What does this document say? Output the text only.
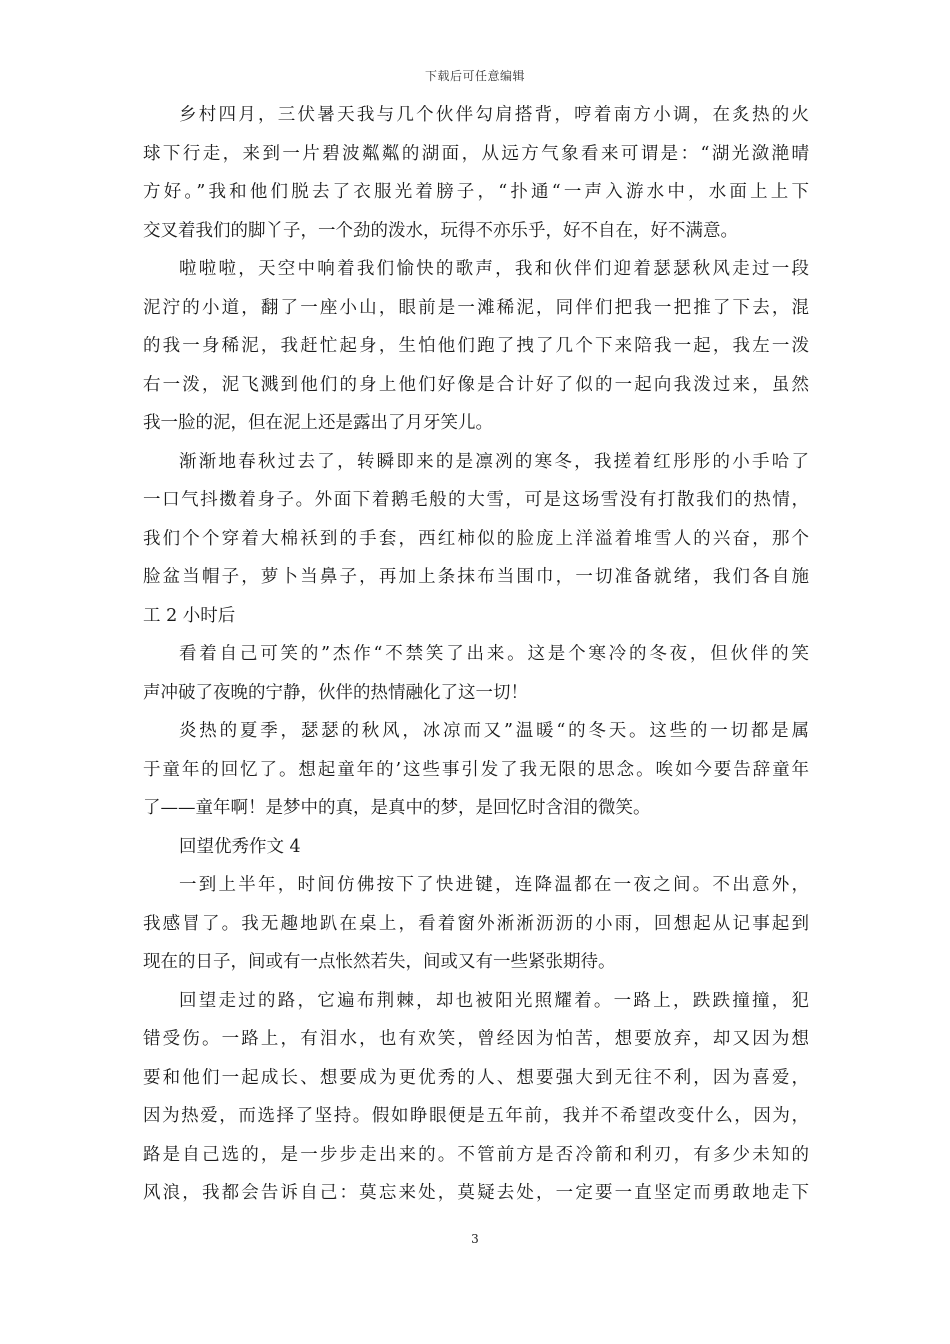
下载后可任意编辑
乡村四月，三伏暑天我与几个伙伴勾肩搭背，哼着南方小调，在炙热的火
球下行走，来到一片碧波粼粼的湖面，从远方气象看来可谓是：“湖光潋滟晴
方好。”我和他们脱去了衣服光着膀子，“扑通“一声入游水中，水面上上下
交叉着我们的脚丫子，一个劲的泼水，玩得不亦乐乎，好不自在，好不满意。
啦啦啦，天空中响着我们愉快的歌声，我和伙伴们迎着瑟瑟秋风走过一段
泥泞的小道，翻了一座小山，眼前是一滩稀泥，同伴们把我一把推了下去，混
的我一身稀泥，我赶忙起身，生怕他们跑了拽了几个下来陪我一起，我左一泼
右一泼，泥飞溅到他们的身上他们好像是合计好了似的一起向我泼过来，虽然
我一脸的泥，但在泥上还是露出了月牙笑儿。
渐渐地春秋过去了，转瞬即来的是凛冽的寒冬，我搓着红彤彤的小手哈了
一口气抖擞着身子。外面下着鹅毛般的大雪，可是这场雪没有打散我们的热情，
我们个个穿着大棉袄到的手套，西红柿似的脸庞上洋溢着堆雪人的兴奋，那个
脸盆当帽子，萝卜当鼻子，再加上条抹布当围巾，一切准备就绪，我们各自施
工 2 小时后
看着自己可笑的”杰作“不禁笑了出来。这是个寒冷的冬夜，但伙伴的笑
声冲破了夜晚的宁静，伙伴的热情融化了这一切！
炎热的夏季，瑟瑟的秋风，冰凉而又”温暖“的冬天。这些的一切都是属
于童年的回忆了。想起童年的’这些事引发了我无限的思念。唉如今要告辞童年
了——童年啊！是梦中的真，是真中的梦，是回忆时含泪的微笑。
回望优秀作文 4
一到上半年，时间仿佛按下了快进键，连降温都在一夜之间。不出意外，
我感冒了。我无趣地趴在桌上，看着窗外淅淅沥沥的小雨，回想起从记事起到
现在的日子，间或有一点怅然若失，间或又有一些紧张期待。
回望走过的路，它遍布荆棘，却也被阳光照耀着。一路上，跌跌撞撞，犯
错受伤。一路上，有泪水，也有欢笑，曾经因为怕苦，想要放弃，却又因为想
要和他们一起成长、想要成为更优秀的人、想要强大到无往不利，因为喜爱，
因为热爱，而选择了坚持。假如睁眼便是五年前，我并不希望改变什么，因为，
路是自己选的，是一步步走出来的。不管前方是否冷箭和利刃，有多少未知的
风浪，我都会告诉自己：莫忘来处，莫疑去处，一定要一直坚定而勇敢地走下
3
